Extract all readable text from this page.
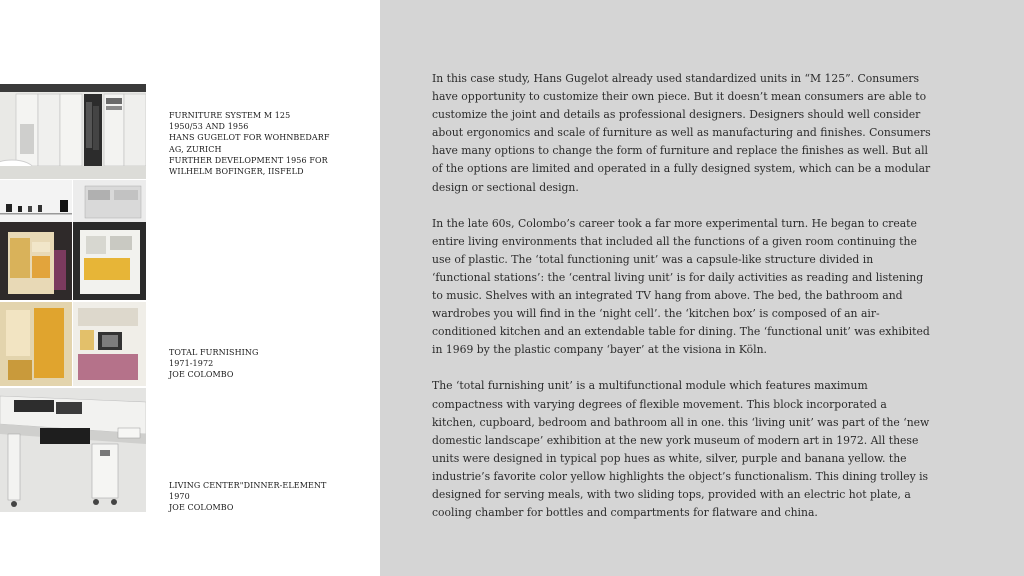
FURNITURE SYSTEM M 125
1950/53 AND 1956
HANS GUGELOT FOR WOHNBEDARF
AG, ZURICH
FURTHER DEVELOPMENT 1956 FOR
WILHELM BOFINGER, IISFELD
TOTAL FURNISHING
1971-1972
JOE COLOMBO
LIVING CENTER"DINNER-ELEMENT
1970
JOE COLOMBO

In this case study, Hans Gugelot already used standardized units in “M 125”. Consumers have opportunity to customize their own piece. But it doesn’t mean consumers are able to customize the joint and details as professional designers. Designers should well consider about ergonomics and scale of furniture as well as manufacturing and finishes. Consumers have many options to change the form of furniture and replace the finishes as well. But all of the options are limited and operated in a fully designed system, which can be a modular design or sectional design.

In the late 60s, Colombo’s career took a far more experimental turn. He began to create entire living environments that included all the functions of a given room continuing the use of plastic. The ‘total functioning unit’ was a capsule-like structure divided in ‘functional stations’: the ‘central living unit’ is for daily activities as reading and listening to music. Shelves with an integrated TV hang from above. The bed, the bathroom and wardrobes you will find in the ‘night cell’. the ‘kitchen box’ is composed of an air-conditioned kitchen and an extendable table for dining. The ‘functional unit’ was exhibited in 1969 by the plastic company ‘bayer’ at the visiona in Köln.

The ‘total furnishing unit’ is a multifunctional module which features maximum compactness with varying degrees of flexible movement. This block incorporated a kitchen, cupboard, bedroom and bathroom all in one. this ‘living unit’ was part of the ‘new domestic landscape’ exhibition at the new york museum of modern art in 1972. All these units were designed in typical pop hues as white, silver, purple and banana yellow. the industrie’s favorite color yellow highlights the object’s functionalism. This dining trolley is designed for serving meals, with two sliding tops, provided with an electric hot plate, a cooling chamber for bottles and compartments for flatware and china.
